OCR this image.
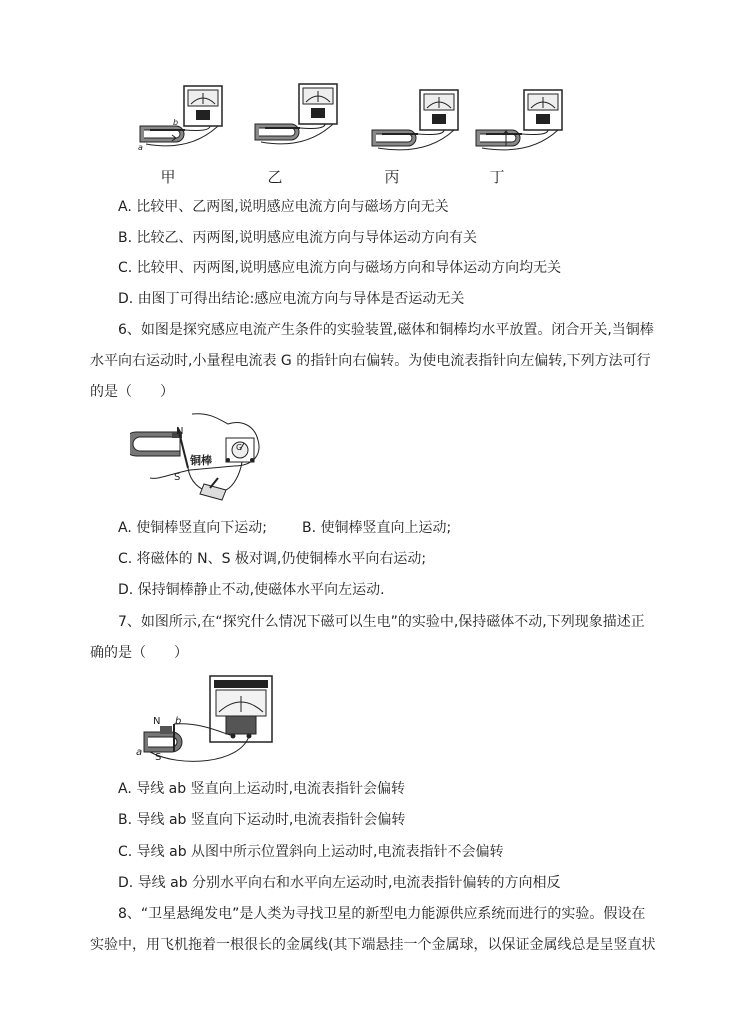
b
a
甲	乙	丙	丁
A. 比较甲、乙两图,说明感应电流方向与磁场方向无关
B. 比较乙、丙两图,说明感应电流方向与导体运动方向有关
C. 比较甲、丙两图,说明感应电流方向与磁场方向和导体运动方向均无关
D. 由图丁可得出结论:感应电流方向与导体是否运动无关
6、如图是探究感应电流产生条件的实验装置,磁体和铜棒均水平放置。闭合开关,当铜棒
水平向右运动时,小量程电流表 G 的指针向右偏转。为使电流表指针向左偏转,下列方法可行
的是（　　）
N
S
铜棒
G
A. 使铜棒竖直向下运动;	B. 使铜棒竖直向上运动;
C. 将磁体的 N、S 极对调,仍使铜棒水平向右运动;
D. 保持铜棒静止不动,使磁体水平向左运动.
7、如图所示,在“探究什么情况下磁可以生电”的实验中,保持磁体不动,下列现象描述正
确的是（　　）
N b
a S
A. 导线 ab 竖直向上运动时,电流表指针会偏转
B. 导线 ab 竖直向下运动时,电流表指针会偏转
C. 导线 ab 从图中所示位置斜向上运动时,电流表指针不会偏转
D. 导线 ab 分别水平向右和水平向左运动时,电流表指针偏转的方向相反
8、“卫星悬绳发电”是人类为寻找卫星的新型电力能源供应系统而进行的实验。假设在
实验中，用飞机拖着一根很长的金属线(其下端悬挂一个金属球，以保证金属线总是呈竖直状
